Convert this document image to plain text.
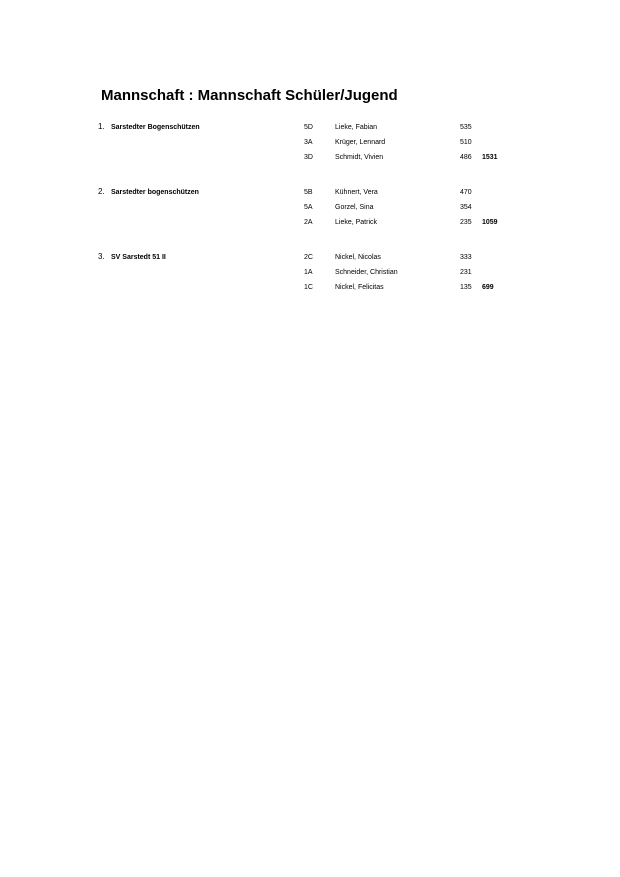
Mannschaft : Mannschaft Schüler/Jugend
1. Sarstedter Bogenschützen	5D	Lieke, Fabian	535
3A	Krüger, Lennard	510
3D	Schmidt, Vivien	486 1531
2. Sarstedter bogenschützen	5B	Kühnert, Vera	470
5A	Gorzel, Sina	354
2A	Lieke, Patrick	235 1059
3. SV Sarstedt 51 II	2C	Nickel, Nicolas	333
1A	Schneider, Christian	231
1C	Nickel, Felicitas	135 699
